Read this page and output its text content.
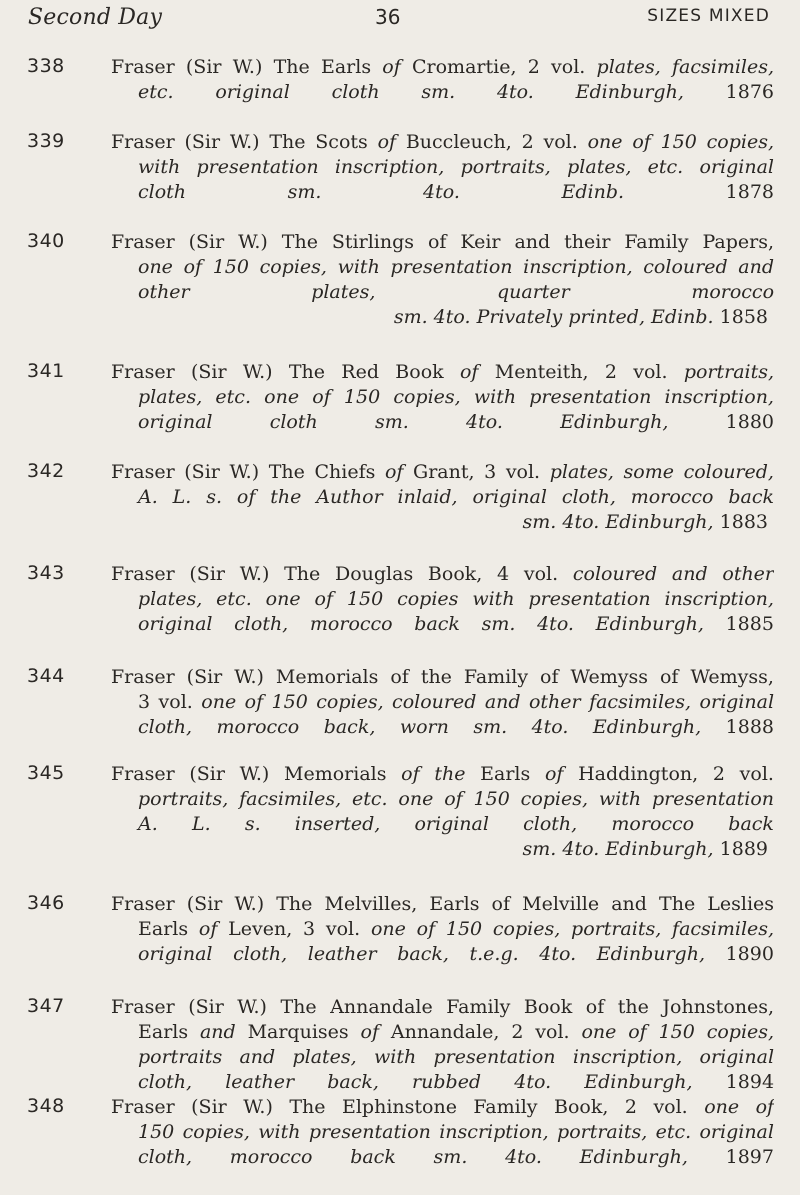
Second Day	36	SIZES MIXED
338 Fraser (Sir W.) The Earls of Cromartie, 2 vol. plates, facsimiles,
etc. original cloth sm. 4to. Edinburgh, 1876
339 Fraser (Sir W.) The Scots of Buccleuch, 2 vol. one of 150 copies,
with presentation inscription, portraits, plates, etc. original
cloth	sm.	4to.	Edinb.	1878
340 Fraser (Sir W.) The Stirlings of Keir and their Family Papers,
one of 150 copies, with presentation inscription, coloured and
other	plates,	quarter	morocco
sm. 4to. Privately printed, Edinb. 1858
341 Fraser (Sir W.) The Red Book of Menteith, 2 vol. portraits,
plates, etc. one of 150 copies, with presentation inscription,
original	cloth	sm.	4to.	Edinburgh,	1880
342 Fraser (Sir W.) The Chiefs of Grant, 3 vol. plates, some coloured,
A. L. s. of the Author inlaid, original cloth, morocco back
sm. 4to. Edinburgh, 1883
343 Fraser (Sir W.) The Douglas Book, 4 vol. coloured and other
plates, etc. one of 150 copies with presentation inscription,
original cloth, morocco back sm. 4to. Edinburgh, 1885
344 Fraser (Sir W.) Memorials of the Family of Wemyss of Wemyss,
3 vol. one of 150 copies, coloured and other facsimiles, original
cloth, morocco back, worn sm. 4to. Edinburgh, 1888
345 Fraser (Sir W.) Memorials of the Earls of Haddington, 2 vol.
portraits, facsimiles, etc. one of 150 copies, with presentation
A. L. s. inserted, original cloth, morocco back
sm. 4to. Edinburgh, 1889
346 Fraser (Sir W.) The Melvilles, Earls of Melville and The Leslies
Earls of Leven, 3 vol. one of 150 copies, portraits, facsimiles,
original cloth, leather back, t.e.g. 4to. Edinburgh, 1890
347 Fraser (Sir W.) The Annandale Family Book of the Johnstones,
Earls and Marquises of Annandale, 2 vol. one of 150 copies,
portraits and plates, with presentation inscription, original
cloth, leather back, rubbed 4to. Edinburgh, 1894
348 Fraser (Sir W.) The Elphinstone Family Book, 2 vol. one of
150 copies, with presentation inscription, portraits, etc. original
cloth, morocco back sm. 4to. Edinburgh, 1897
